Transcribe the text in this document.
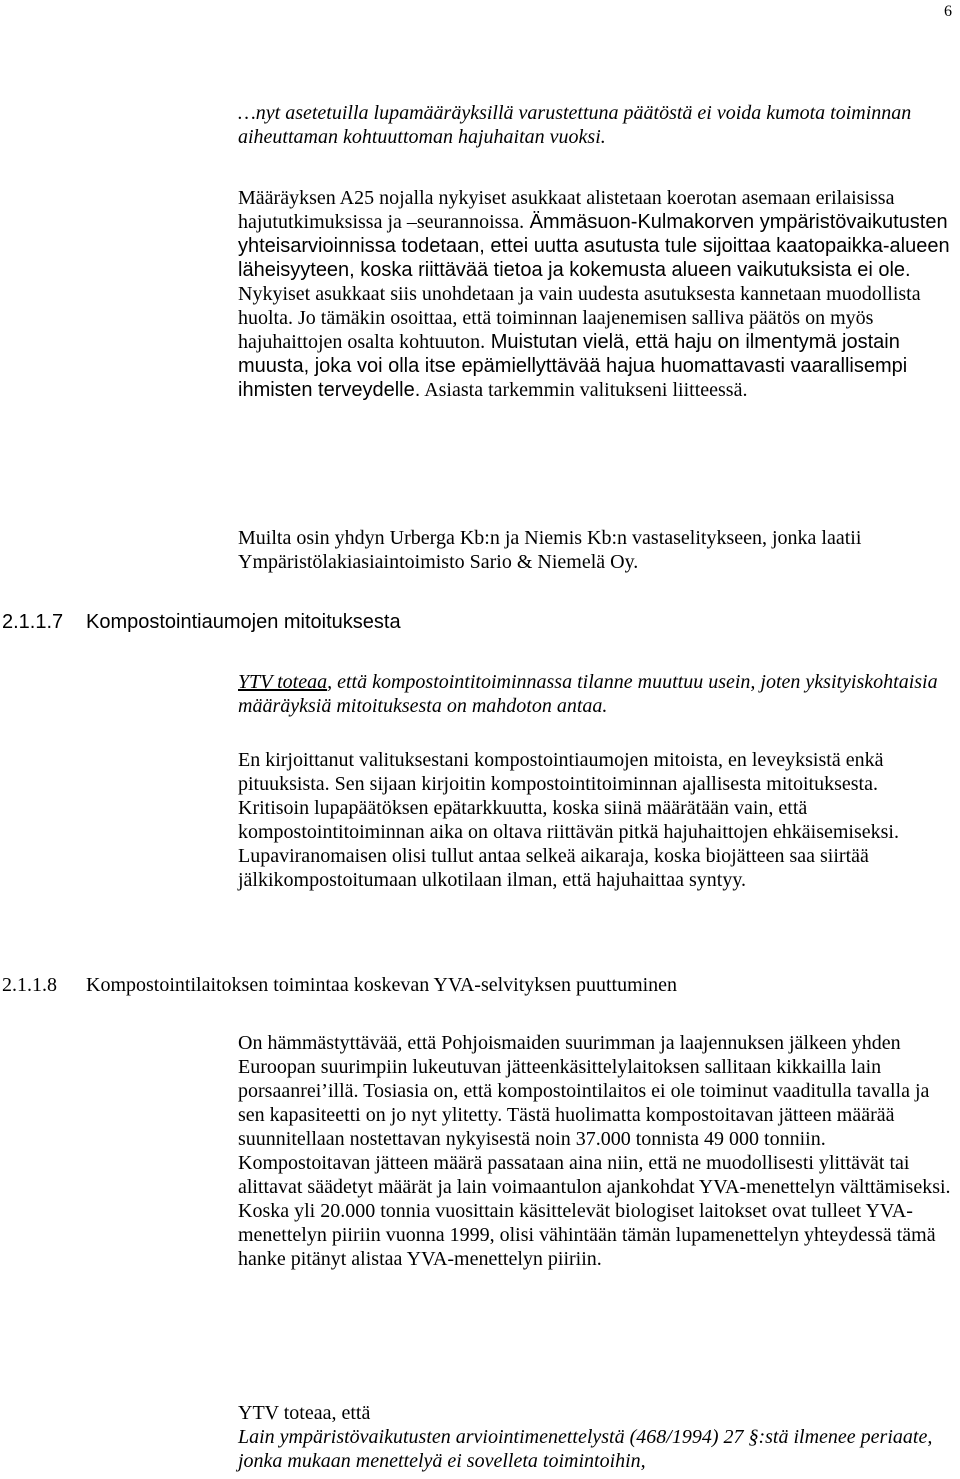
6

…nyt asetetuilla lupamääräyksillä varustettuna päätöstä ei voida kumota toiminnan aiheuttaman kohtuuttoman hajuhaitan vuoksi.

Määräyksen A25 nojalla nykyiset asukkaat alistetaan koerotan asemaan erilaisissa hajututkimuksissa ja –seurannoissa. Ämmäsuon-Kulmakorven ympäristövaikutusten yhteisarvioinnissa todetaan, ettei uutta asutusta tule sijoittaa kaatopaikka-alueen läheisyyteen, koska riittävää tietoa ja kokemusta alueen vaikutuksista ei ole. Nykyiset asukkaat siis unohdetaan ja vain uudesta asutuksesta kannetaan muodollista huolta. Jo tämäkin osoittaa, että toiminnan laajenemisen salliva päätös on myös hajuhaittojen osalta kohtuuton. Muistutan vielä, että haju on ilmentymä jostain muusta, joka voi olla itse epämiellyttävää hajua huomattavasti vaarallisempi ihmisten terveydelle. Asiasta tarkemmin valitukseni liitteessä.

Muilta osin yhdyn Urberga Kb:n ja Niemis Kb:n vastaselitykseen, jonka laatii Ympäristölakiasiaintoimisto Sario & Niemelä Oy.

2.1.1.7 Kompostointiaumojen mitoituksesta

YTV toteaa, että kompostointitoiminnassa tilanne muuttuu usein, joten yksityiskohtaisia määräyksiä mitoituksesta on mahdoton antaa.

En kirjoittanut valituksestani kompostointiaumojen mitoista, en leveyksistä enkä pituuksista. Sen sijaan kirjoitin kompostointitoiminnan ajallisesta mitoituksesta. Kritisoin lupapäätöksen epätarkkuutta, koska siinä määrätään vain, että kompostointitoiminnan aika on oltava riittävän pitkä hajuhaittojen ehkäisemiseksi. Lupaviranomaisen olisi tullut antaa selkeä aikaraja, koska biojätteen saa siirtää jälkikompostoitumaan ulkotilaan ilman, että hajuhaittaa syntyy.

2.1.1.8 Kompostointilaitoksen toimintaa koskevan YVA-selvityksen puuttuminen

On hämmästyttävää, että Pohjoismaiden suurimman ja laajennuksen jälkeen yhden Euroopan suurimpiin lukeutuvan jätteenkäsittelylaitoksen sallitaan kikkailla lain porsaanrei’illä. Tosiasia on, että kompostointilaitos ei ole toiminut vaaditulla tavalla ja sen kapasiteetti on jo nyt ylitetty. Tästä huolimatta kompostoitavan jätteen määrää suunnitellaan nostettavan nykyisestä noin 37.000 tonnista 49 000 tonniin. Kompostoitavan jätteen määrä passataan aina niin, että ne muodollisesti ylittävät tai alittavat säädetyt määrät ja lain voimaantulon ajankohdat YVA-menettelyn välttämiseksi. Koska yli 20.000 tonnia vuosittain käsittelevät biologiset laitokset ovat tulleet YVA-menettelyn piiriin vuonna 1999, olisi vähintään tämän lupamenettelyn yhteydessä tämä hanke pitänyt alistaa YVA-menettelyn piiriin.

YTV toteaa, että
Lain ympäristövaikutusten arviointimenettelystä (468/1994) 27 §:stä ilmenee periaate, jonka mukaan menettelyä ei sovelleta toimintoihin,
